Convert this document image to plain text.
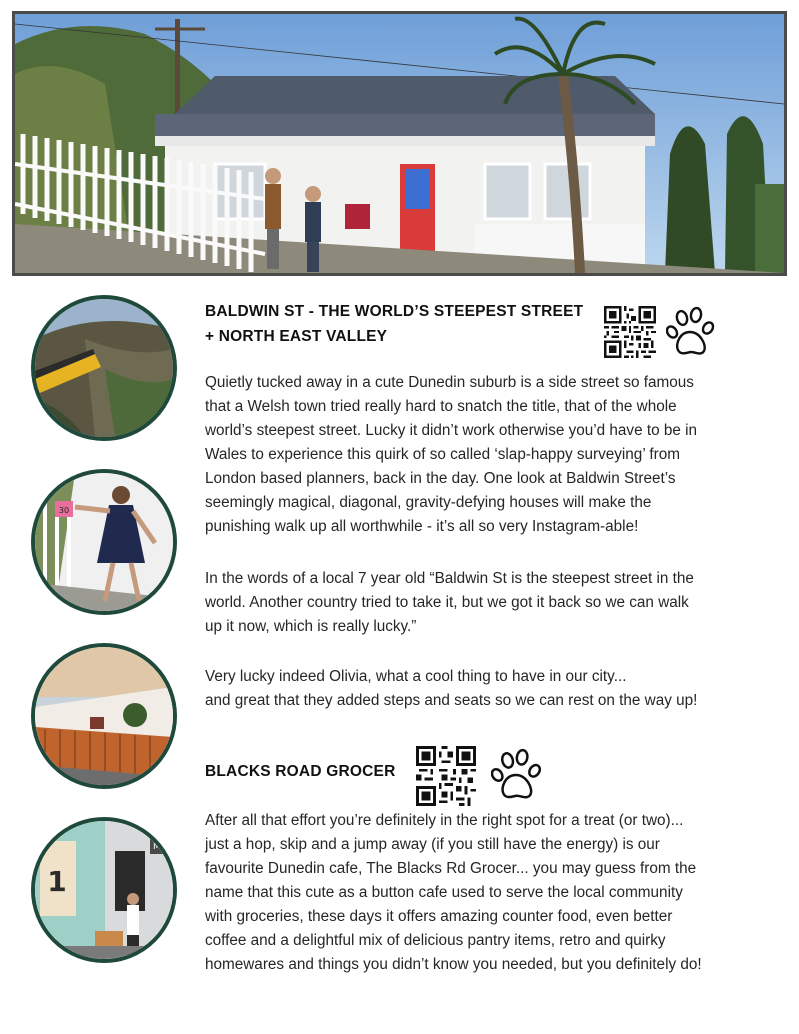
30
1
MB
BALDWIN ST - THE WORLD’S STEEPEST STREET
+ NORTH EAST VALLEY
Quietly tucked away in a cute Dunedin suburb is a side street so famous
that a Welsh town tried really hard to snatch the title, that of the whole
world’s steepest street. Lucky it didn’t work otherwise you’d have to be in
Wales to experience this quirk of so called ‘slap-happy surveying’ from
London based planners, back in the day. One look at Baldwin Street’s
seemingly magical, diagonal, gravity-defying houses will make the
punishing walk up all worthwhile - it’s all so very Instagram-able!
In the words of a local 7 year old “Baldwin St is the steepest street in the
world. Another country tried to take it, but we got it back so we can walk
up it now, which is really lucky.”
Very lucky indeed Olivia, what a cool thing to have in our city...
and great that they added steps and seats so we can rest on the way up!
BLACKS ROAD GROCER
After all that effort you’re definitely in the right spot for a treat (or two)...
just a hop, skip and a jump away (if you still have the energy) is our
favourite Dunedin cafe, The Blacks Rd Grocer... you may guess from the
name that this cute as a button cafe used to serve the local community
with groceries, these days it offers amazing counter food, even better
coffee and a delightful mix of delicious pantry items, retro and quirky
homewares and things you didn’t know you needed, but you definitely do!
